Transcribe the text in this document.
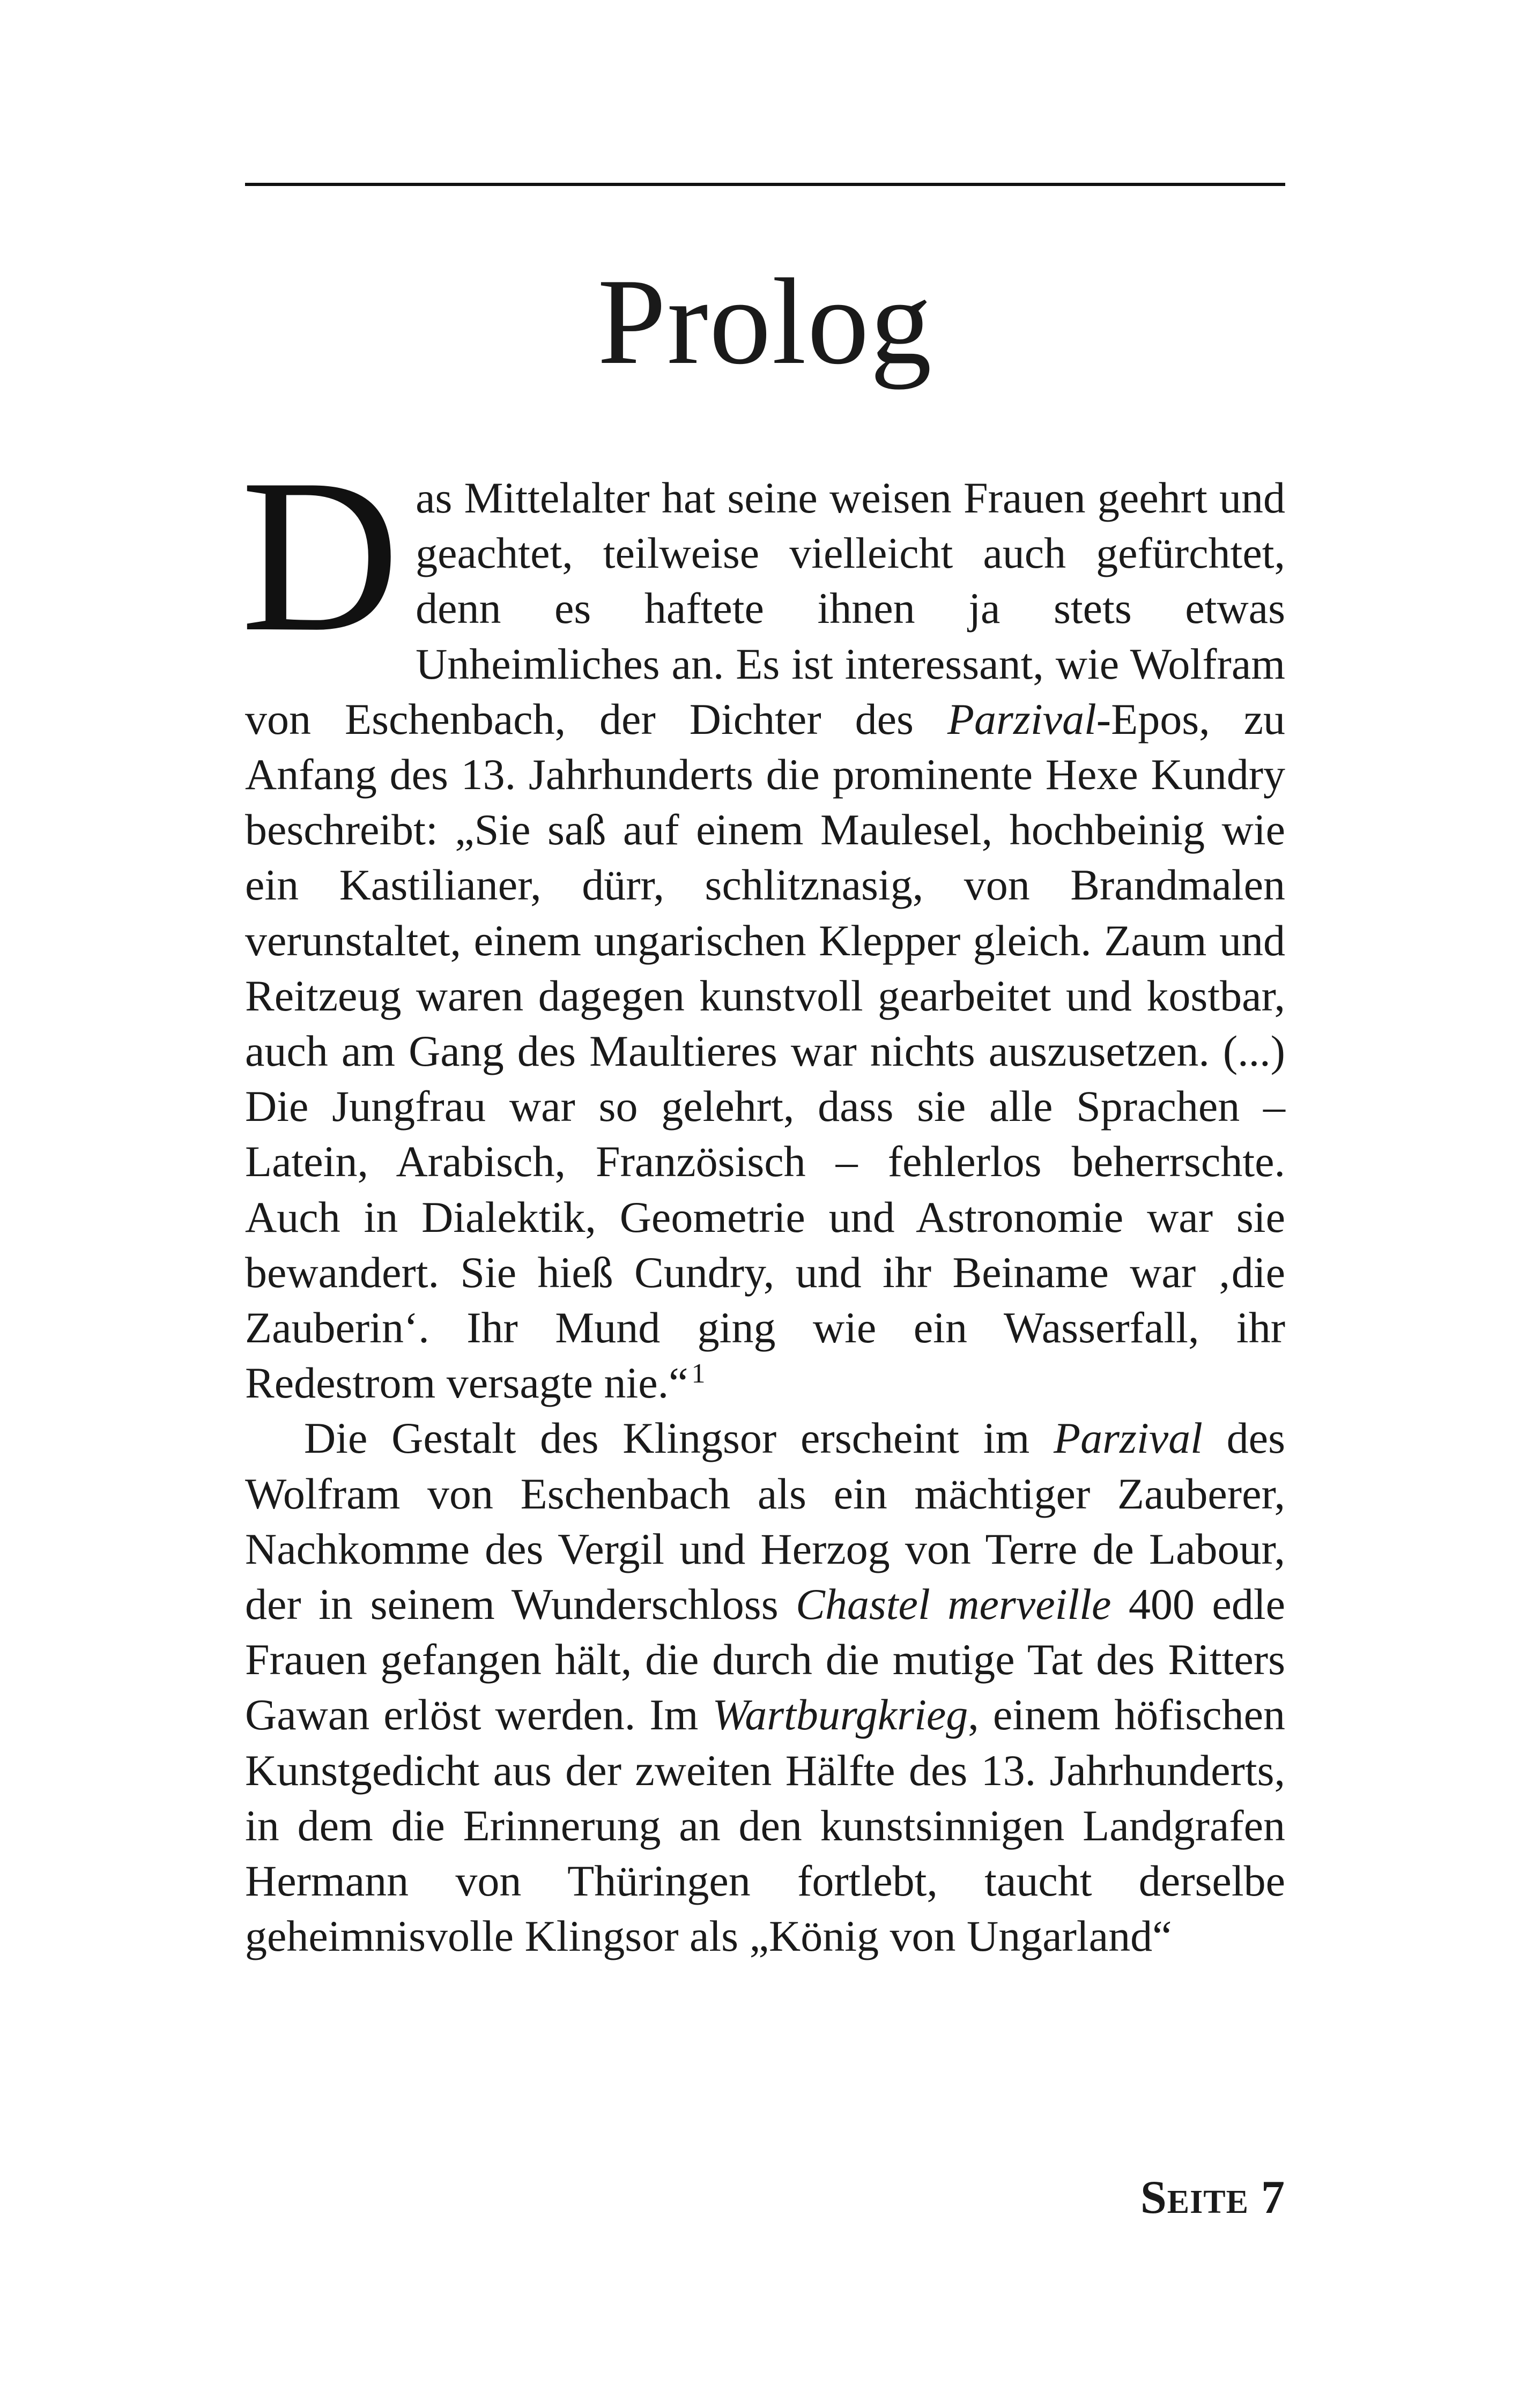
Prolog

Das Mittelalter hat seine weisen Frauen geehrt und geachtet, teilweise vielleicht auch gefürchtet, denn es haftete ihnen ja stets etwas Unheimliches an. Es ist interessant, wie Wolfram von Eschenbach, der Dichter des Parzival-Epos, zu Anfang des 13. Jahrhunderts die prominente Hexe Kundry beschreibt: „Sie saß auf einem Maulesel, hochbeinig wie ein Kastilianer, dürr, schlitznasig, von Brandmalen verunstaltet, einem ungarischen Klepper gleich. Zaum und Reitzeug waren dagegen kunstvoll gearbeitet und kostbar, auch am Gang des Maultieres war nichts auszusetzen. (...) Die Jungfrau war so gelehrt, dass sie alle Sprachen – Latein, Arabisch, Französisch – fehlerlos beherrschte. Auch in Dialektik, Geometrie und Astronomie war sie bewandert. Sie hieß Cundry, und ihr Beiname war ‚die Zauberin‘. Ihr Mund ging wie ein Wasserfall, ihr Redestrom versagte nie.“ $^1$

Die Gestalt des Klingsor erscheint im Parzival des Wolfram von Eschenbach als ein mächtiger Zauberer, Nachkomme des Vergil und Herzog von Terre de Labour, der in seinem Wunderschloss Chastel merveille 400 edle Frauen gefangen hält, die durch die mutige Tat des Ritters Gawan erlöst werden. Im Wartburgkrieg, einem höfischen Kunstgedicht aus der zweiten Hälfte des 13. Jahrhunderts, in dem die Erinnerung an den kunstsinnigen Landgrafen Hermann von Thüringen fortlebt, taucht derselbe geheimnisvolle Klingsor als „König von Ungarland“

Seite 7
